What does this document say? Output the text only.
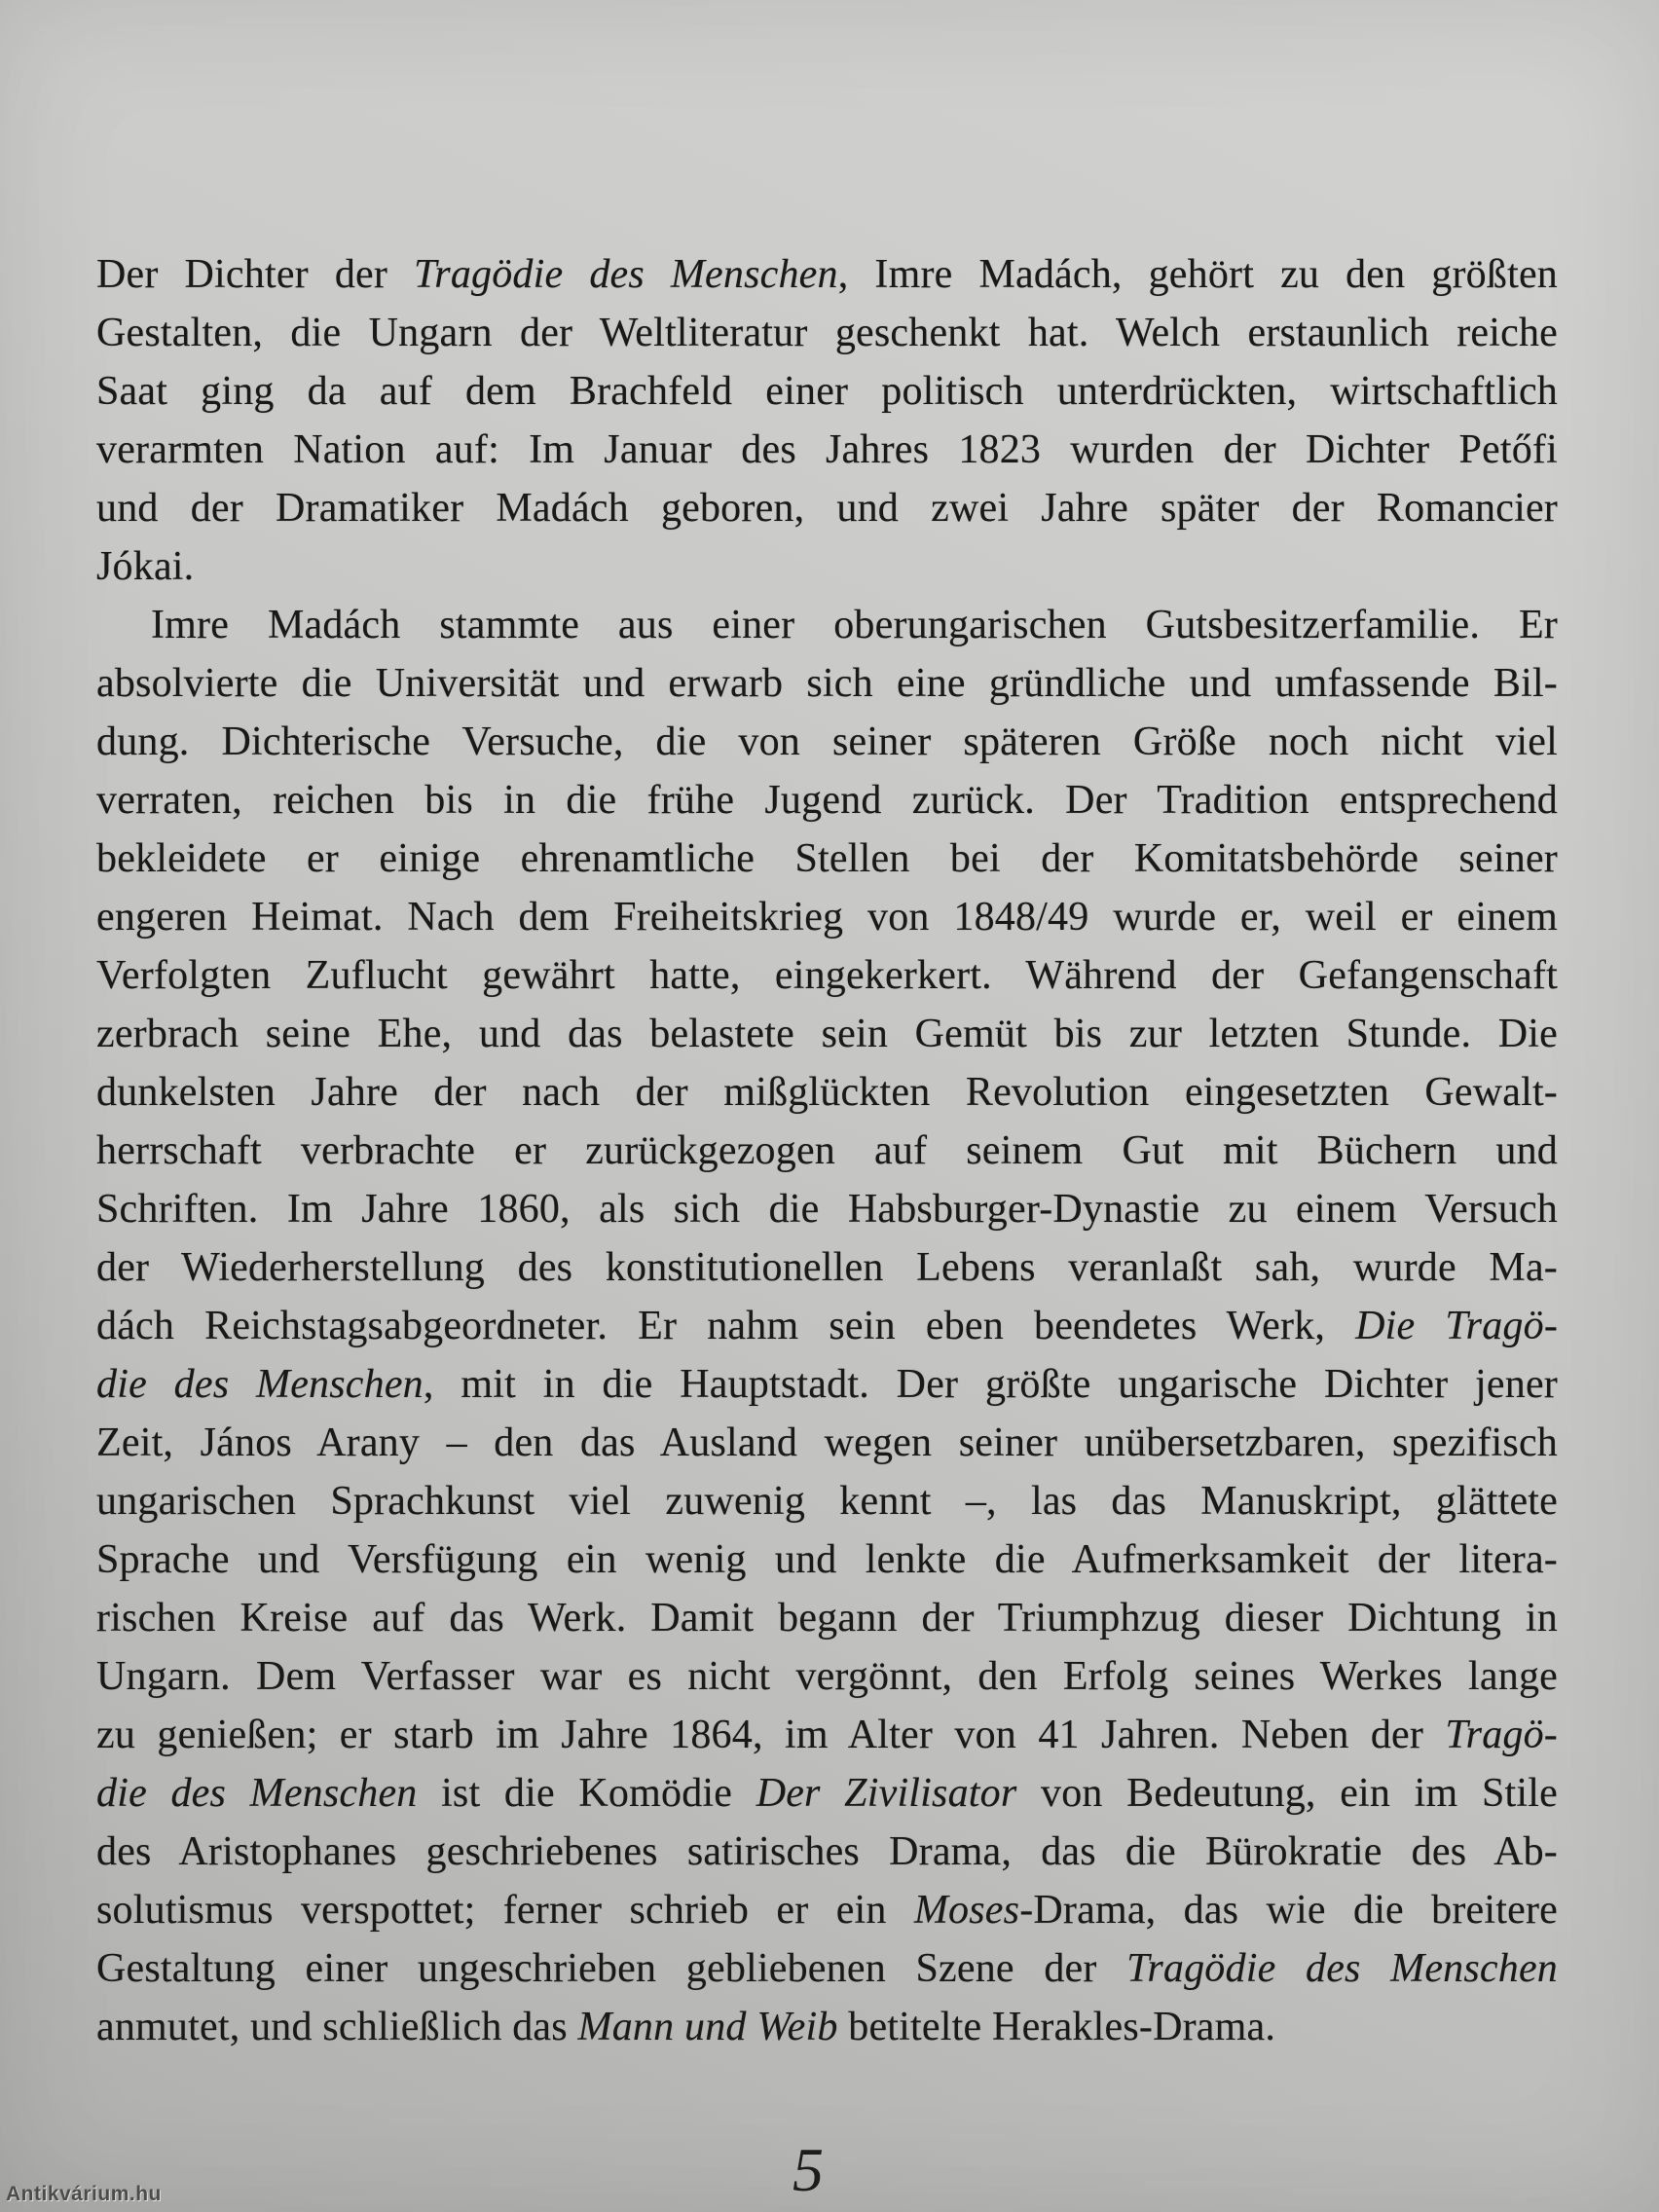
Der Dichter der Tragödie des Menschen, Imre Madách, gehört zu den größten
Gestalten, die Ungarn der Weltliteratur geschenkt hat. Welch erstaunlich reiche
Saat ging da auf dem Brachfeld einer politisch unterdrückten, wirtschaftlich
verarmten Nation auf: Im Januar des Jahres 1823 wurden der Dichter Petőfi
und der Dramatiker Madách geboren, und zwei Jahre später der Romancier
Jókai.
Imre Madách stammte aus einer oberungarischen Gutsbesitzerfamilie. Er
absolvierte die Universität und erwarb sich eine gründliche und umfassende Bil-
dung. Dichterische Versuche, die von seiner späteren Größe noch nicht viel
verraten, reichen bis in die frühe Jugend zurück. Der Tradition entsprechend
bekleidete er einige ehrenamtliche Stellen bei der Komitatsbehörde seiner
engeren Heimat. Nach dem Freiheitskrieg von 1848/49 wurde er, weil er einem
Verfolgten Zuflucht gewährt hatte, eingekerkert. Während der Gefangenschaft
zerbrach seine Ehe, und das belastete sein Gemüt bis zur letzten Stunde. Die
dunkelsten Jahre der nach der mißglückten Revolution eingesetzten Gewalt-
herrschaft verbrachte er zurückgezogen auf seinem Gut mit Büchern und
Schriften. Im Jahre 1860, als sich die Habsburger-Dynastie zu einem Versuch
der Wiederherstellung des konstitutionellen Lebens veranlaßt sah, wurde Ma-
dách Reichstagsabgeordneter. Er nahm sein eben beendetes Werk, Die Tragö-
die des Menschen, mit in die Hauptstadt. Der größte ungarische Dichter jener
Zeit, János Arany – den das Ausland wegen seiner unübersetzbaren, spezifisch
ungarischen Sprachkunst viel zuwenig kennt –, las das Manuskript, glättete
Sprache und Versfügung ein wenig und lenkte die Aufmerksamkeit der litera-
rischen Kreise auf das Werk. Damit begann der Triumphzug dieser Dichtung in
Ungarn. Dem Verfasser war es nicht vergönnt, den Erfolg seines Werkes lange
zu genießen; er starb im Jahre 1864, im Alter von 41 Jahren. Neben der Tragö-
die des Menschen ist die Komödie Der Zivilisator von Bedeutung, ein im Stile
des Aristophanes geschriebenes satirisches Drama, das die Bürokratie des Ab-
solutismus verspottet; ferner schrieb er ein Moses-Drama, das wie die breitere
Gestaltung einer ungeschrieben gebliebenen Szene der Tragödie des Menschen
anmutet, und schließlich das Mann und Weib betitelte Herakles-Drama.
5
Antikvárium.hu
